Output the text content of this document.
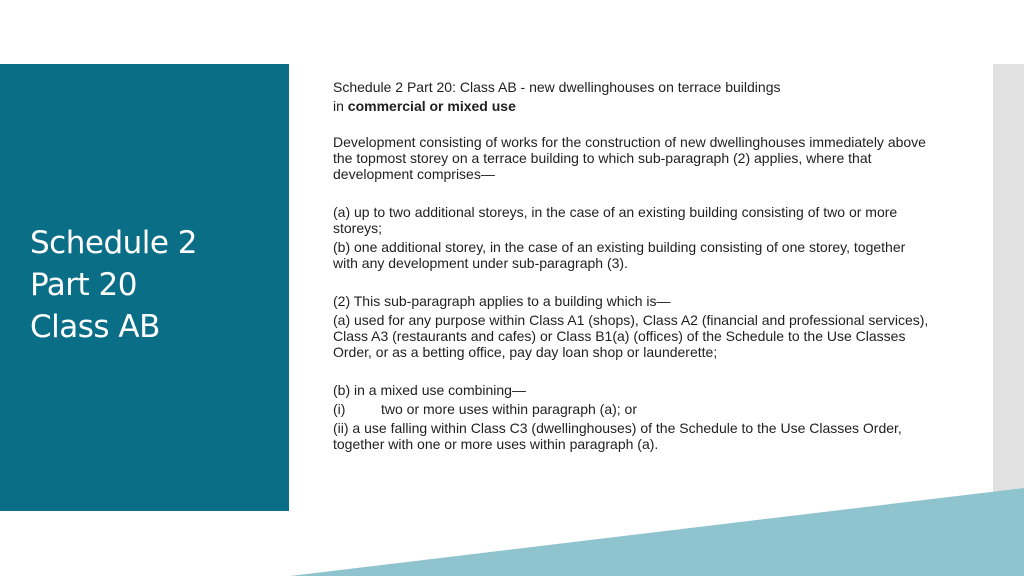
Schedule 2
Part 20
Class AB

Schedule 2 Part 20: Class AB - new dwellinghouses on terrace buildings

in commercial or mixed use

Development consisting of works for the construction of new dwellinghouses immediately above the topmost storey on a terrace building to which sub-paragraph (2) applies, where that development comprises—

(a) up to two additional storeys, in the case of an existing building consisting of two or more storeys;

(b) one additional storey, in the case of an existing building consisting of one storey, together with any development under sub-paragraph (3).

(2) This sub-paragraph applies to a building which is—

(a) used for any purpose within Class A1 (shops), Class A2 (financial and professional services), Class A3 (restaurants and cafes) or Class B1(a) (offices) of the Schedule to the Use Classes Order, or as a betting office, pay day loan shop or launderette;

(b) in a mixed use combining—

(i)	two or more uses within paragraph (a); or

(ii) a use falling within Class C3 (dwellinghouses) of the Schedule to the Use Classes Order, together with one or more uses within paragraph (a).
